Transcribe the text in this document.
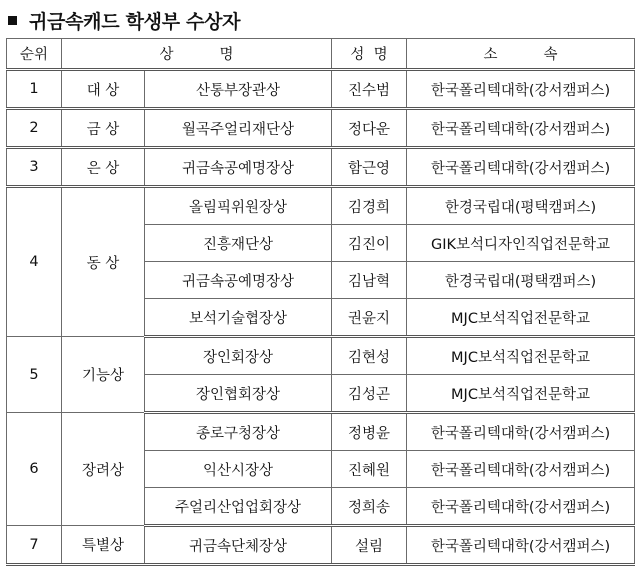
귀금속캐드 학생부 수상자
순위	상          명		성  명	소          속
1	대 상	산통부장관상	진수범	한국폴리텍대학(강서캠퍼스)
2	금 상	월곡주얼리재단상	정다운	한국폴리텍대학(강서캠퍼스)
3	은 상	귀금속공예명장상	함근영	한국폴리텍대학(강서캠퍼스)
4	동 상	올림픽위원장상	김경희	한경국립대(평택캠퍼스)
		진흥재단상	김진이	GIK보석디자인직업전문학교
		귀금속공예명장상	김남혁	한경국립대(평택캠퍼스)
		보석기술협장상	권윤지	MJC보석직업전문학교
5	기능상	장인회장상	김현성	MJC보석직업전문학교
		장인협회장상	김성곤	MJC보석직업전문학교
6	장려상	종로구청장상	정병윤	한국폴리텍대학(강서캠퍼스)
		익산시장상	진혜원	한국폴리텍대학(강서캠퍼스)
		주얼리산업업회장상	정희송	한국폴리텍대학(강서캠퍼스)
7	특별상	귀금속단체장상	설림	한국폴리텍대학(강서캠퍼스)
